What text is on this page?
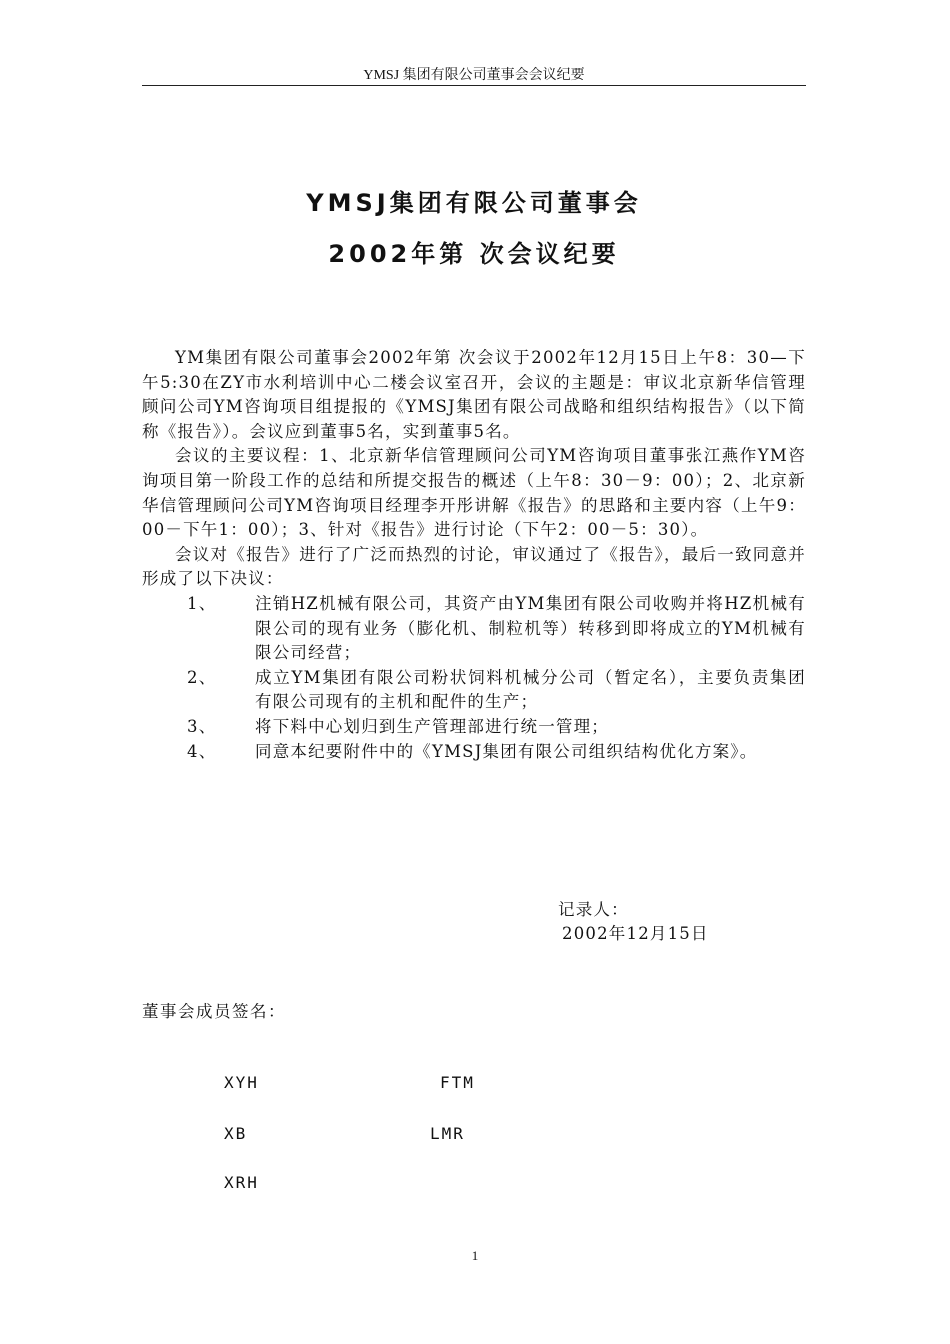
YMSJ 集团有限公司董事会会议纪要
YMSJ集团有限公司董事会
2002年第 次会议纪要

YM集团有限公司董事会2002年第 次会议于2002年12月15日上午8：30—下午5:30在ZY市水利培训中心二楼会议室召开，会议的主题是：审议北京新华信管理顾问公司YM咨询项目组提报的《YMSJ集团有限公司战略和组织结构报告》（以下简称《报告》）。会议应到董事5名，实到董事5名。

会议的主要议程：1、北京新华信管理顾问公司YM咨询项目董事张江燕作YM咨询项目第一阶段工作的总结和所提交报告的概述（上午8：30－9：00）；2、北京新华信管理顾问公司YM咨询项目经理李开彤讲解《报告》的思路和主要内容（上午9：00－下午1：00）；3、针对《报告》进行讨论（下午2：00－5：30）。

会议对《报告》进行了广泛而热烈的讨论，审议通过了《报告》，最后一致同意并形成了以下决议：

1、	注销HZ机械有限公司，其资产由YM集团有限公司收购并将HZ机械有限公司的现有业务（膨化机、制粒机等）转移到即将成立的YM机械有限公司经营；
2、	成立YM集团有限公司粉状饲料机械分公司（暂定名），主要负责集团有限公司现有的主机和配件的生产；
3、	将下料中心划归到生产管理部进行统一管理；
4、	同意本纪要附件中的《YMSJ集团有限公司组织结构优化方案》。
记录人：
2002年12月15日
董事会成员签名：
XYH	FTM
XB	LMR
XRH
1
